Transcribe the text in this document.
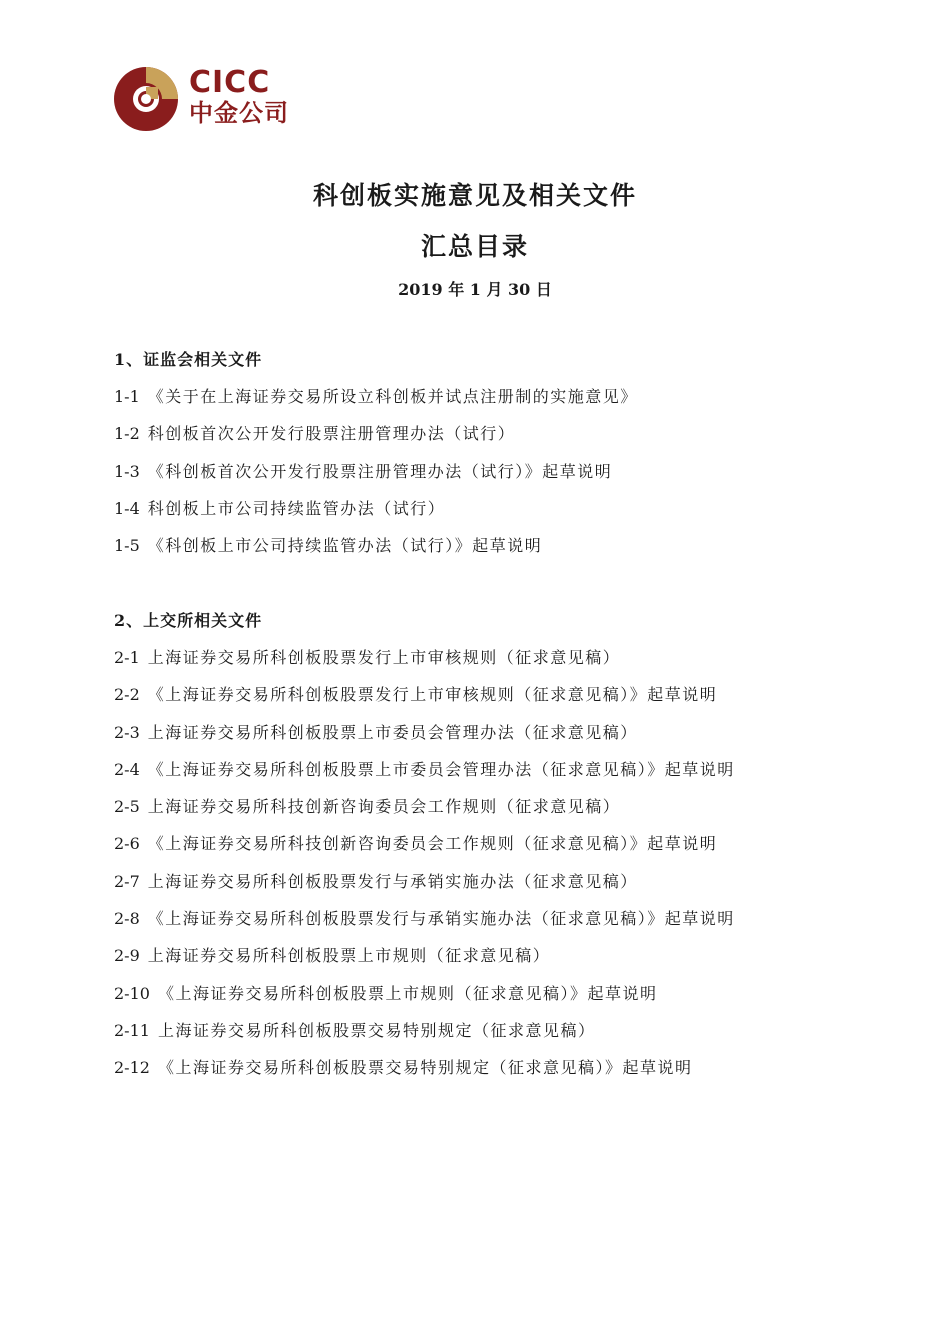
CICC
中金公司
科创板实施意见及相关文件
汇总目录
2019 年 1 月 30 日
1、证监会相关文件
1-1 《关于在上海证券交易所设立科创板并试点注册制的实施意见》
1-2 科创板首次公开发行股票注册管理办法（试行）
1-3 《科创板首次公开发行股票注册管理办法（试行）》起草说明
1-4 科创板上市公司持续监管办法（试行）
1-5 《科创板上市公司持续监管办法（试行）》起草说明
2、上交所相关文件
2-1 上海证券交易所科创板股票发行上市审核规则（征求意见稿）
2-2 《上海证券交易所科创板股票发行上市审核规则（征求意见稿）》起草说明
2-3 上海证券交易所科创板股票上市委员会管理办法（征求意见稿）
2-4 《上海证券交易所科创板股票上市委员会管理办法（征求意见稿）》起草说明
2-5 上海证券交易所科技创新咨询委员会工作规则（征求意见稿）
2-6 《上海证券交易所科技创新咨询委员会工作规则（征求意见稿）》起草说明
2-7 上海证券交易所科创板股票发行与承销实施办法（征求意见稿）
2-8 《上海证券交易所科创板股票发行与承销实施办法（征求意见稿）》起草说明
2-9 上海证券交易所科创板股票上市规则（征求意见稿）
2-10 《上海证券交易所科创板股票上市规则（征求意见稿）》起草说明
2-11 上海证券交易所科创板股票交易特别规定（征求意见稿）
2-12 《上海证券交易所科创板股票交易特别规定（征求意见稿）》起草说明
